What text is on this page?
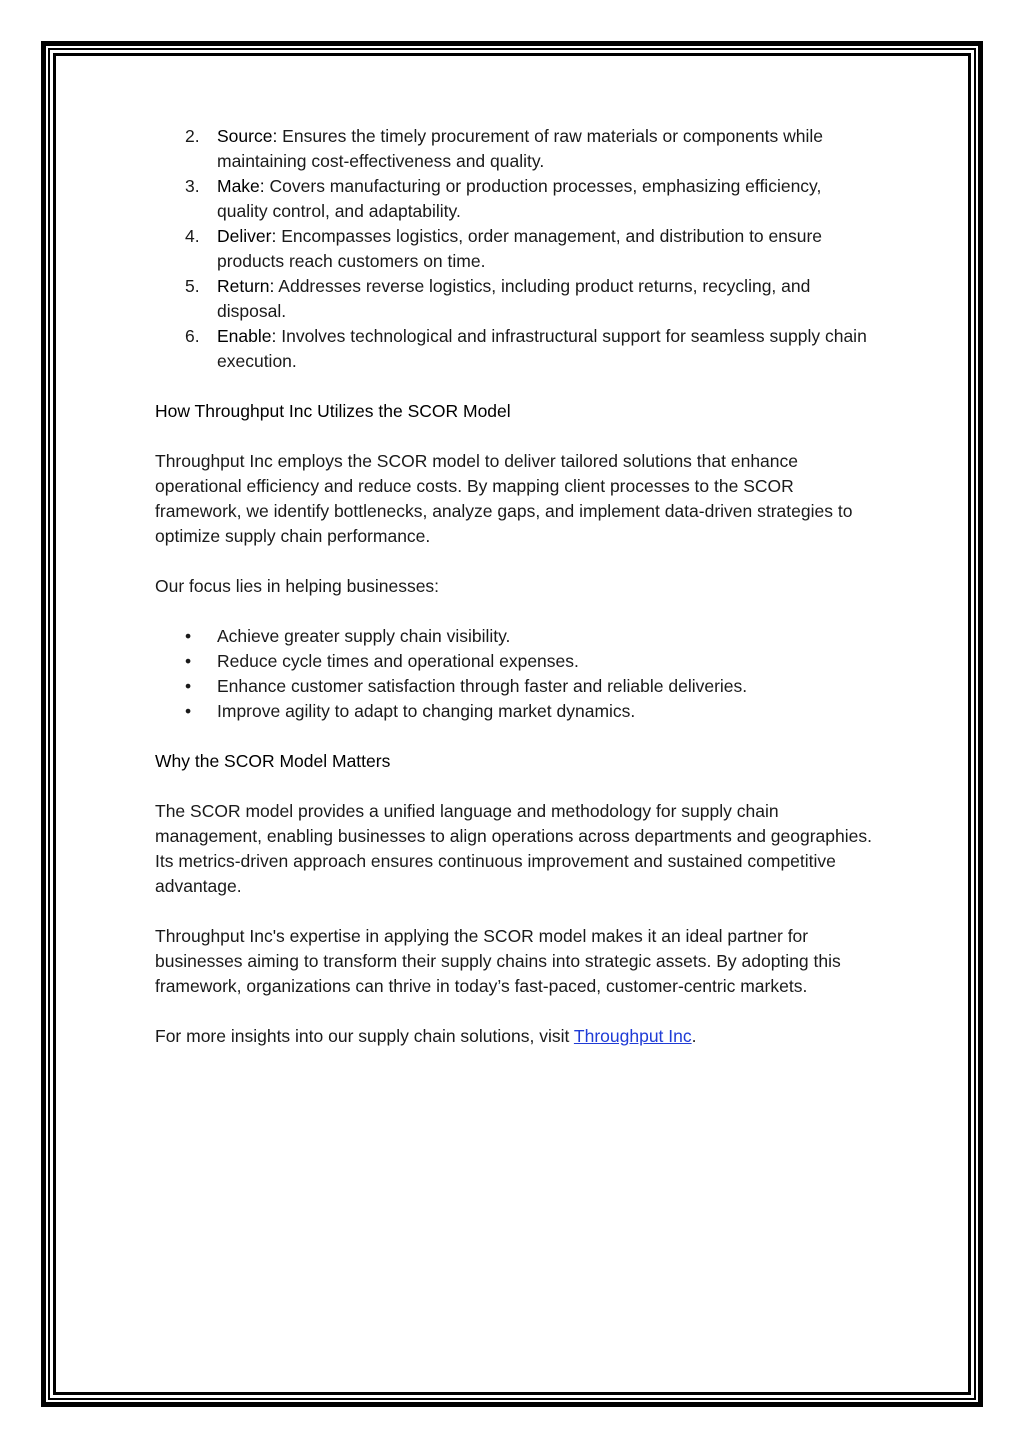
2. Source: Ensures the timely procurement of raw materials or components while maintaining cost-effectiveness and quality.
3. Make: Covers manufacturing or production processes, emphasizing efficiency, quality control, and adaptability.
4. Deliver: Encompasses logistics, order management, and distribution to ensure products reach customers on time.
5. Return: Addresses reverse logistics, including product returns, recycling, and disposal.
6. Enable: Involves technological and infrastructural support for seamless supply chain execution.

How Throughput Inc Utilizes the SCOR Model

Throughput Inc employs the SCOR model to deliver tailored solutions that enhance operational efficiency and reduce costs. By mapping client processes to the SCOR framework, we identify bottlenecks, analyze gaps, and implement data-driven strategies to optimize supply chain performance.

Our focus lies in helping businesses:

• Achieve greater supply chain visibility.
• Reduce cycle times and operational expenses.
• Enhance customer satisfaction through faster and reliable deliveries.
• Improve agility to adapt to changing market dynamics.

Why the SCOR Model Matters

The SCOR model provides a unified language and methodology for supply chain management, enabling businesses to align operations across departments and geographies. Its metrics-driven approach ensures continuous improvement and sustained competitive advantage.

Throughput Inc's expertise in applying the SCOR model makes it an ideal partner for businesses aiming to transform their supply chains into strategic assets. By adopting this framework, organizations can thrive in today’s fast-paced, customer-centric markets.

For more insights into our supply chain solutions, visit Throughput Inc.
